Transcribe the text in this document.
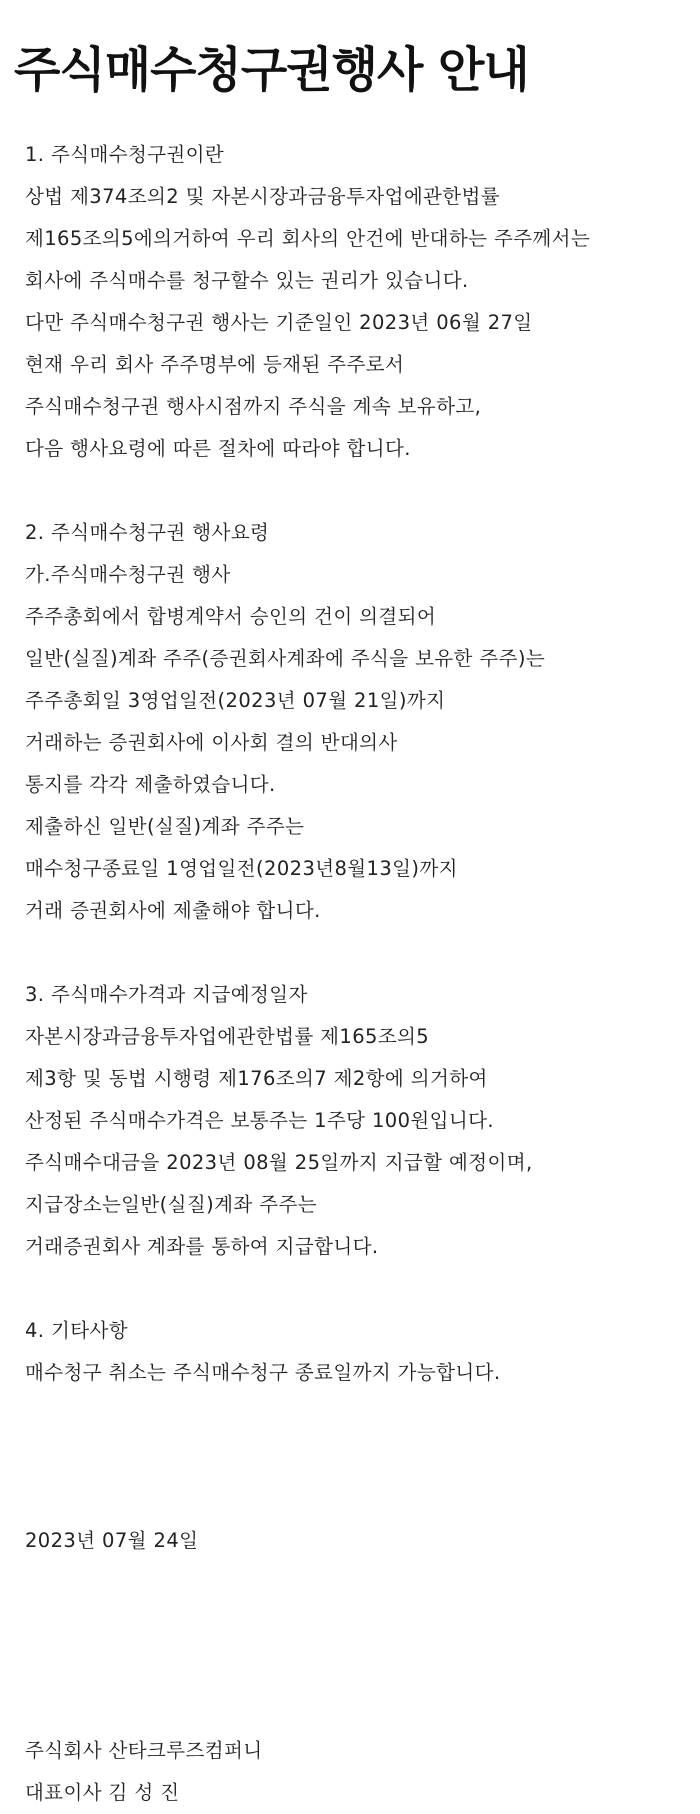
주식매수청구권행사 안내
1. 주식매수청구권이란
상법 제374조의2 및 자본시장과금융투자업에관한법률
제165조의5에의거하여 우리 회사의 안건에 반대하는 주주께서는
회사에 주식매수를 청구할수 있는 권리가 있습니다.
다만 주식매수청구권 행사는 기준일인 2023년 06월 27일
현재 우리 회사 주주명부에 등재된 주주로서
주식매수청구권 행사시점까지 주식을 계속 보유하고,
다음 행사요령에 따른 절차에 따라야 합니다.
2. 주식매수청구권 행사요령
가.주식매수청구권 행사
주주총회에서 합병계약서 승인의 건이 의결되어
일반(실질)계좌 주주(증권회사계좌에 주식을 보유한 주주)는
주주총회일 3영업일전(2023년 07월 21일)까지
거래하는 증권회사에 이사회 결의 반대의사
통지를 각각 제출하였습니다.
제출하신 일반(실질)계좌 주주는
매수청구종료일 1영업일전(2023년8월13일)까지
거래 증권회사에 제출해야 합니다.
3. 주식매수가격과 지급예정일자
자본시장과금융투자업에관한법률 제165조의5
제3항 및 동법 시행령 제176조의7 제2항에 의거하여
산정된 주식매수가격은 보통주는 1주당 100원입니다.
주식매수대금을 2023년 08월 25일까지 지급할 예정이며,
지급장소는일반(실질)계좌 주주는
거래증권회사 계좌를 통하여 지급합니다.
4. 기타사항
매수청구 취소는 주식매수청구 종료일까지 가능합니다.
2023년 07월 24일
주식회사 산타크루즈컴퍼니
대표이사 김 성 진
